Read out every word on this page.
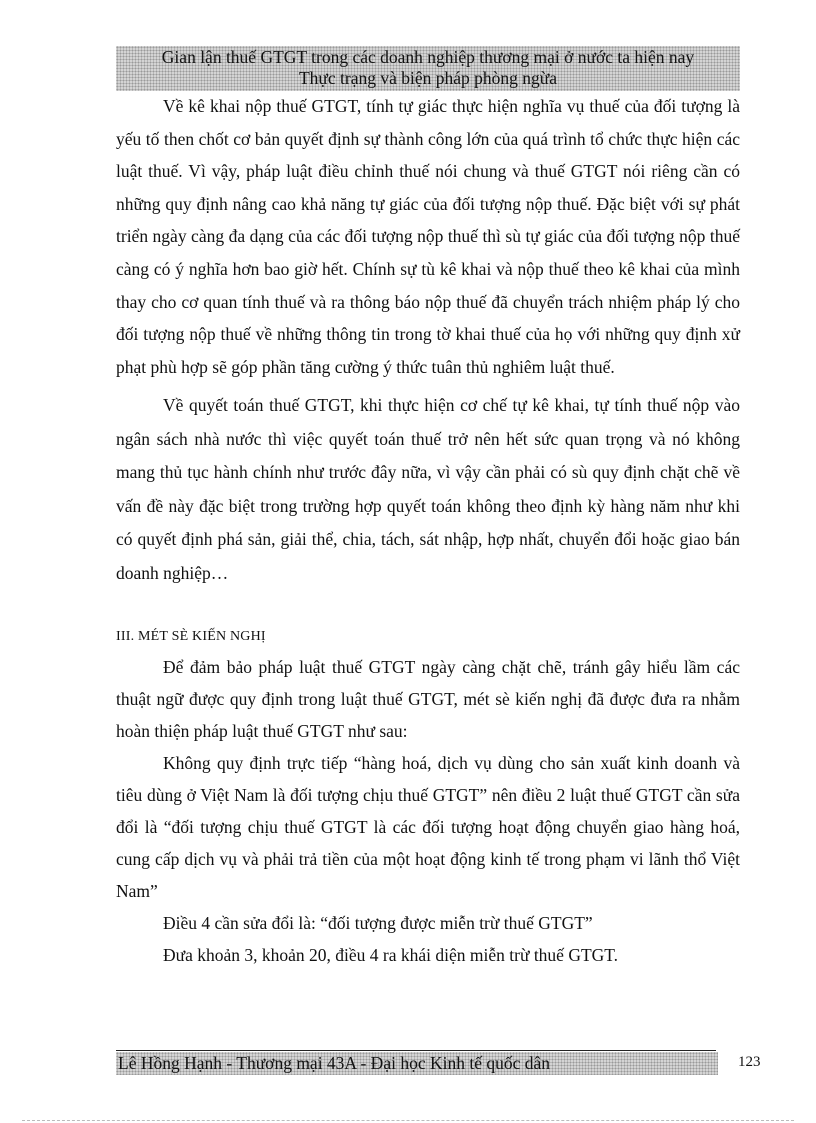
Gian lận thuế GTGT trong các doanh nghiệp thương mại ở nước ta hiện nay
Thực trạng và biện pháp phòng ngừa

Về kê khai nộp thuế GTGT, tính tự giác thực hiện nghĩa vụ thuế của đối tượng là yếu tố then chốt cơ bản quyết định sự thành công lớn của quá trình tổ chức thực hiện các luật thuế. Vì vậy, pháp luật điều chỉnh thuế nói chung và thuế GTGT nói riêng cần có những quy định nâng cao khả năng tự giác của đối tượng nộp thuế. Đặc biệt với sự phát triển ngày càng đa dạng của các đối tượng nộp thuế thì sù tự giác của đối tượng nộp thuế càng có ý nghĩa hơn bao giờ hết. Chính sự tù kê khai và nộp thuế theo kê khai của mình thay cho cơ quan tính thuế và ra thông báo nộp thuế đã chuyển trách nhiệm pháp lý cho đối tượng nộp thuế về những thông tin trong tờ khai thuế của họ với những quy định xử phạt phù hợp sẽ góp phần tăng cường ý thức tuân thủ nghiêm luật thuế.

Về quyết toán thuế GTGT, khi thực hiện cơ chế tự kê khai, tự tính thuế nộp vào ngân sách nhà nước thì việc quyết toán thuế trở nên hết sức quan trọng và nó không mang thủ tục hành chính như trước đây nữa, vì vậy cần phải có sù quy định chặt chẽ về vấn đề này đặc biệt trong trường hợp quyết toán không theo định kỳ hàng năm như khi có quyết định phá sản, giải thể, chia, tách, sát nhập, hợp nhất, chuyển đổi hoặc giao bán doanh nghiệp…

III. MÉT SÈ KIẾN NGHỊ

Để đảm bảo pháp luật thuế GTGT ngày càng chặt chẽ, tránh gây hiểu lầm các thuật ngữ được quy định trong luật thuế GTGT, mét sè kiến nghị đã được đưa ra nhằm hoàn thiện pháp luật thuế GTGT như sau:

Không quy định trực tiếp “hàng hoá, dịch vụ dùng cho sản xuất kinh doanh và tiêu dùng ở Việt Nam là đối tượng chịu thuế GTGT” nên điều 2 luật thuế GTGT cần sửa đổi là “đối tượng chịu thuế GTGT là các đối tượng hoạt động chuyển giao hàng hoá, cung cấp dịch vụ và phải trả tiền của một hoạt động kinh tế trong phạm vi lãnh thổ Việt Nam”

Điều 4 cần sửa đổi là: “đối tượng được miễn trừ thuế GTGT”

Đưa khoản 3, khoản 20, điều 4 ra khái diện miễn trừ thuế GTGT.

Lê Hồng Hạnh - Thương mại 43A - Đại học Kinh tế quốc dân	123
